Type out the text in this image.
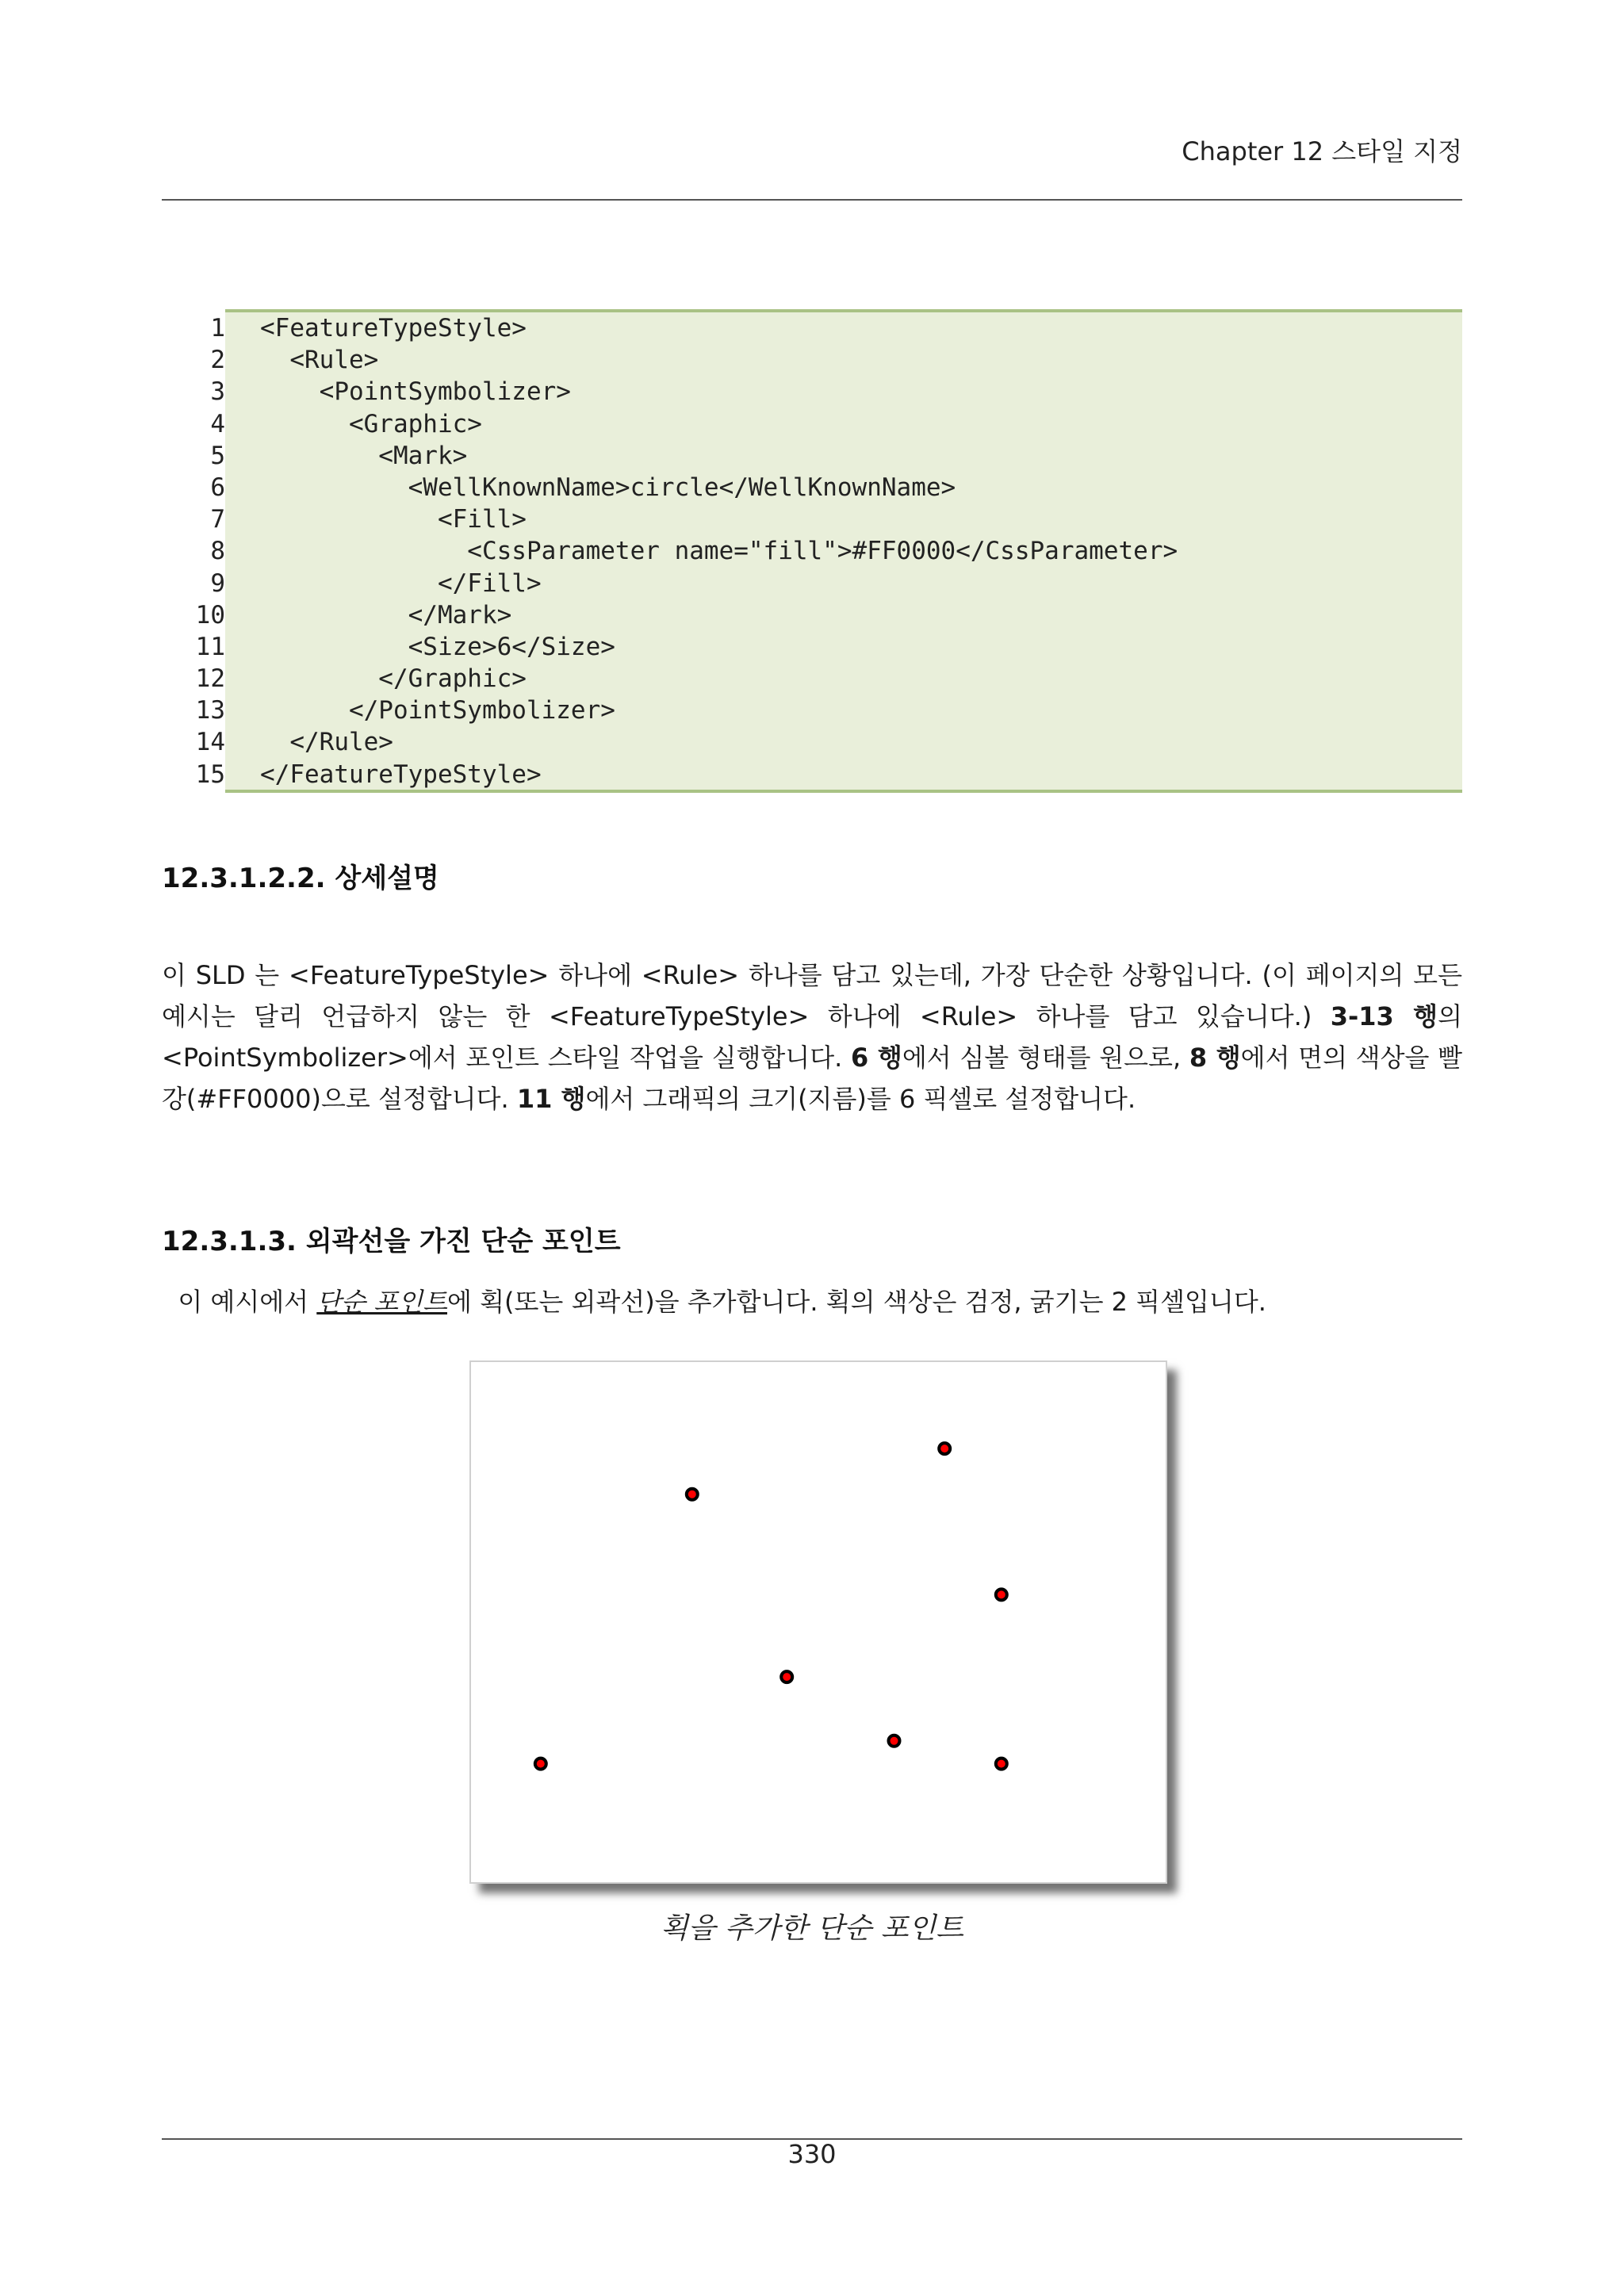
Chapter 12 스타일 지정
1
2
3
4
5
6
7
8
9
10
11
12
13
14
15
<FeatureTypeStyle>
<Rule>
<PointSymbolizer>
<Graphic>
<Mark>
<WellKnownName>circle</WellKnownName>
<Fill>
<CssParameter name="fill">#FF0000</CssParameter>
</Fill>
</Mark>
<Size>6</Size>
</Graphic>
</PointSymbolizer>
</Rule>
</FeatureTypeStyle>
12.3.1.2.2. 상세설명
이 SLD 는 <FeatureTypeStyle> 하나에 <Rule> 하나를 담고 있는데, 가장 단순한 상황입니다. (이 페이지의 모든 예시는 달리 언급하지 않는 한 <FeatureTypeStyle> 하나에 <Rule> 하나를 담고 있습니다.) 3-13 행의 <PointSymbolizer>에서 포인트 스타일 작업을 실행합니다. 6 행에서 심볼 형태를 원으로, 8 행에서 면의 색상을 빨강(#FF0000)으로 설정합니다. 11 행에서 그래픽의 크기(지름)를 6 픽셀로 설정합니다.
12.3.1.3. 외곽선을 가진 단순 포인트
이 예시에서 단순 포인트에 획(또는 외곽선)을 추가합니다. 획의 색상은 검정, 굵기는 2 픽셀입니다.
획을 추가한 단순 포인트
330
